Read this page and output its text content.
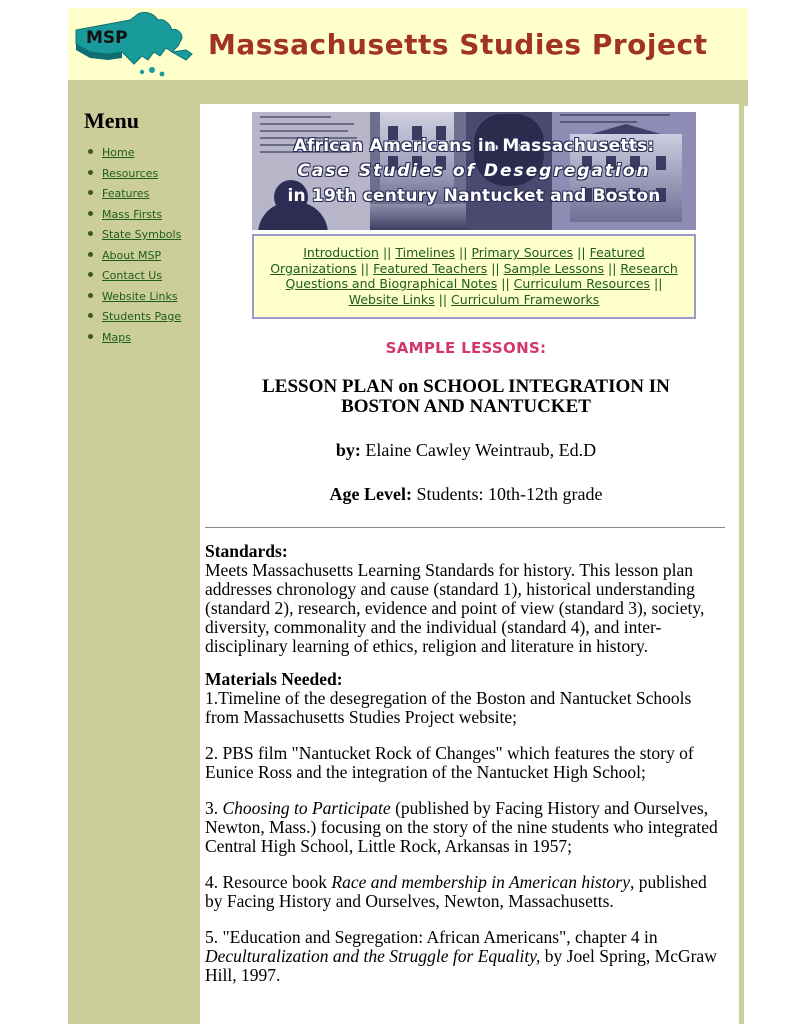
MSP	Massachusetts Studies Project
Menu
Home
Resources
Features
Mass Firsts
State Symbols
About MSP
Contact Us
Website Links
Students Page
Maps
African Americans in Massachusetts:
Case Studies of Desegregation
in 19th century Nantucket and Boston
Introduction || Timelines || Primary Sources || Featured Organizations || Featured Teachers || Sample Lessons || Research Questions and Biographical Notes || Curriculum Resources || Website Links || Curriculum Frameworks
SAMPLE LESSONS:
LESSON PLAN on SCHOOL INTEGRATION IN BOSTON AND NANTUCKET
by: Elaine Cawley Weintraub, Ed.D
Age Level: Students: 10th-12th grade

Standards:

Meets Massachusetts Learning Standards for history. This lesson plan addresses chronology and cause (standard 1), historical understanding (standard 2), research, evidence and point of view (standard 3), society, diversity, commonality and the individual (standard 4), and inter-disciplinary learning of ethics, religion and literature in history.

Materials Needed:

1.Timeline of the desegregation of the Boston and Nantucket Schools from Massachusetts Studies Project website;

2. PBS film "Nantucket Rock of Changes" which features the story of Eunice Ross and the integration of the Nantucket High School;

3. Choosing to Participate (published by Facing History and Ourselves, Newton, Mass.) focusing on the story of the nine students who integrated Central High School, Little Rock, Arkansas in 1957;

4. Resource book Race and membership in American history, published by Facing History and Ourselves, Newton, Massachusetts.

5. "Education and Segregation: African Americans", chapter 4 in Deculturalization and the Struggle for Equality, by Joel Spring, McGraw Hill, 1997.
